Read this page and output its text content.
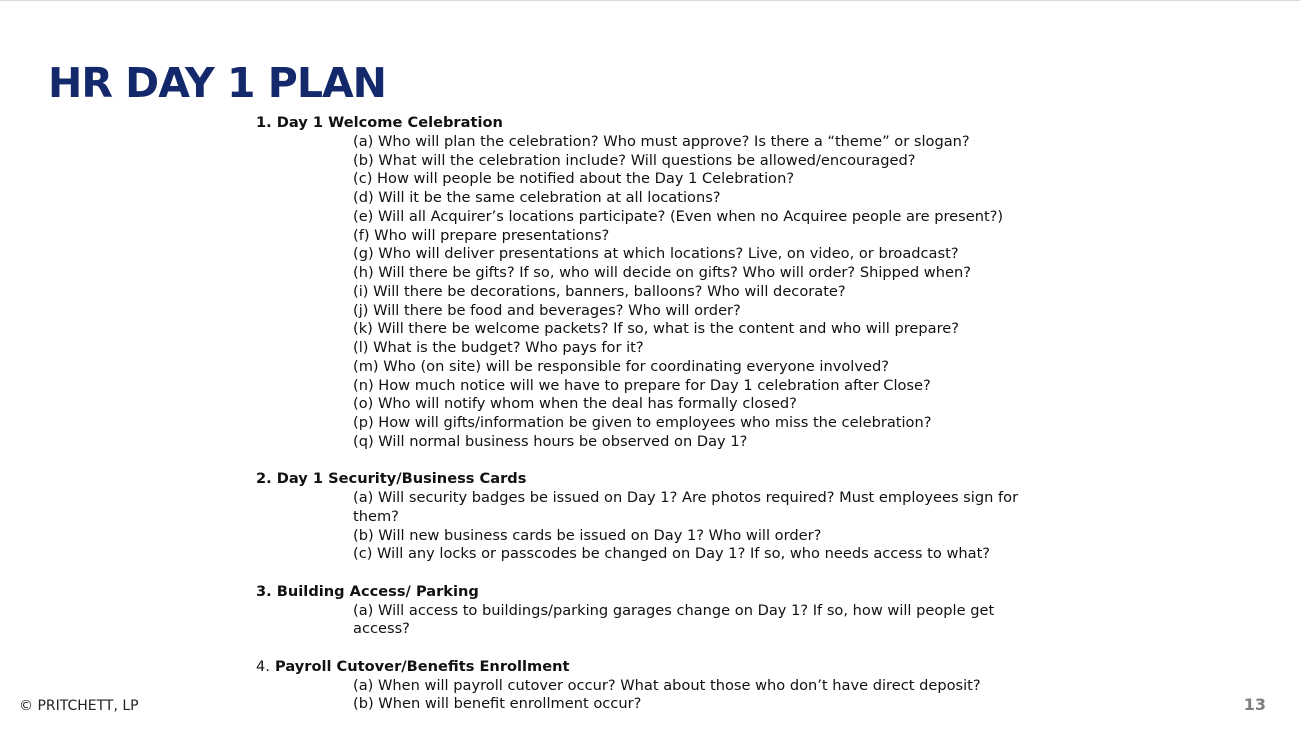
HR DAY 1 PLAN
1. Day 1 Welcome Celebration
(a) Who will plan the celebration? Who must approve? Is there a “theme” or slogan?
(b) What will the celebration include? Will questions be allowed/encouraged?
(c) How will people be notified about the Day 1 Celebration?
(d) Will it be the same celebration at all locations?
(e) Will all Acquirer’s locations participate? (Even when no Acquiree people are present?)
(f) Who will prepare presentations?
(g) Who will deliver presentations at which locations? Live, on video, or broadcast?
(h) Will there be gifts? If so, who will decide on gifts? Who will order? Shipped when?
(i) Will there be decorations, banners, balloons? Who will decorate?
(j) Will there be food and beverages? Who will order?
(k) Will there be welcome packets? If so, what is the content and who will prepare?
(l) What is the budget? Who pays for it?
(m) Who (on site) will be responsible for coordinating everyone involved?
(n) How much notice will we have to prepare for Day 1 celebration after Close?
(o) Who will notify whom when the deal has formally closed?
(p) How will gifts/information be given to employees who miss the celebration?
(q) Will normal business hours be observed on Day 1?
2. Day 1 Security/Business Cards
(a) Will security badges be issued on Day 1? Are photos required? Must employees sign for them?
(b) Will new business cards be issued on Day 1? Who will order?
(c) Will any locks or passcodes be changed on Day 1? If so, who needs access to what?
3. Building Access/ Parking
(a) Will access to buildings/parking garages change on Day 1? If so, how will people get access?
4. Payroll Cutover/Benefits Enrollment
(a) When will payroll cutover occur? What about those who don’t have direct deposit?
(b) When will benefit enrollment occur?
© PRITCHETT, LP	13
